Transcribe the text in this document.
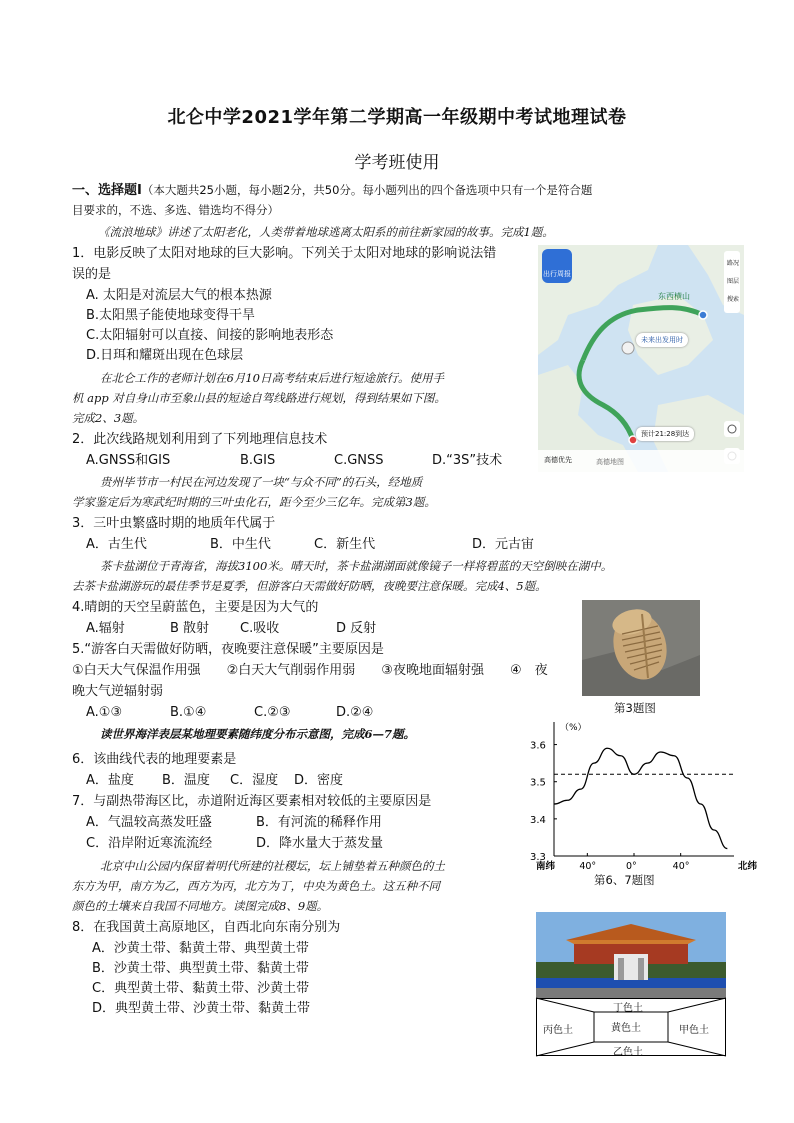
北仑中学2021学年第二学期高一年级期中考试地理试卷
学考班使用
一、选择题Ⅰ（本大题共25小题，每小题2分，共50分。每小题列出的四个备选项中只有一个是符合题
目要求的，不选、多选、错选均不得分）
《流浪地球》讲述了太阳老化，人类带着地球逃离太阳系的前往新家园的故事。完成1题。
1．电影反映了太阳对地球的巨大影响。下列关于太阳对地球的影响说法错
误的是
A. 太阳是对流层大气的根本热源
B.太阳黑子能使地球变得干旱
C.太阳辐射可以直接、间接的影响地表形态
D.日珥和耀斑出现在色球层
在北仑工作的老师计划在6月10日高考结束后进行短途旅行。使用手
机 app 对自身山市至象山县的短途自驾线路进行规划，得到结果如下图。
完成2、3题。
2．此次线路规划利用到了下列地理信息技术
A.GNSS和GIS	B.GIS	C.GNSS	D.“3S”技术
贵州毕节市一村民在河边发现了一块“与众不同”的石头，经地质
学家鉴定后为寒武纪时期的三叶虫化石，距今至少三亿年。完成第3题。
3．三叶虫繁盛时期的地质年代属于
A．古生代	B．中生代	C．新生代	D．元古宙
茶卡盐湖位于青海省，海拔3100米。晴天时，茶卡盐湖湖面就像镜子一样将碧蓝的天空倒映在湖中。
去茶卡盐湖游玩的最佳季节是夏季，但游客白天需做好防晒，夜晚要注意保暖。完成4、5题。
4.晴朗的天空呈蔚蓝色，主要是因为大气的
A.辐射	B 散射 C.吸收	D 反射
5.“游客白天需做好防晒，夜晚要注意保暖”主要原因是
①白天大气保温作用强　　②白天大气削弱作用弱　　③夜晚地面辐射强　　④　夜
晚大气逆辐射弱
A.①③	B.①④	C.②③	D.②④
读世界海洋表层某地理要素随纬度分布示意图，完成6—7题。
6．该曲线代表的地理要素是
A．盐度 B．温度 C．湿度 D．密度
7．与副热带海区比，赤道附近海区要素相对较低的主要原因是
A．气温较高蒸发旺盛	B．有河流的稀释作用
C．沿岸附近寒流流经	D．降水量大于蒸发量
北京中山公园内保留着明代所建的社稷坛，坛上铺垫着五种颜色的土
东方为甲，南方为乙，西方为丙，北方为丁，中央为黄色土。这五种不同
颜色的土壤来自我国不同地方。读图完成8、9题。
8．在我国黄土高原地区，自西北向东南分别为
A．沙黄土带、黏黄土带、典型黄土带
B．沙黄土带、典型黄土带、黏黄土带
C．典型黄土带、黏黄土带、沙黄土带
D．典型黄土带、沙黄土带、黏黄土带
出行周报
路况
图层
搜索
东西横山
未来出发用时
预计21:28到达
高德优先	高德地图
第3题图
（%）
3.6
3.5
3.4
3.3
南纬	40°	0°	40°	北纬
第6、7题图
丁色土
丙色土	黄色土	甲色土
乙色土
